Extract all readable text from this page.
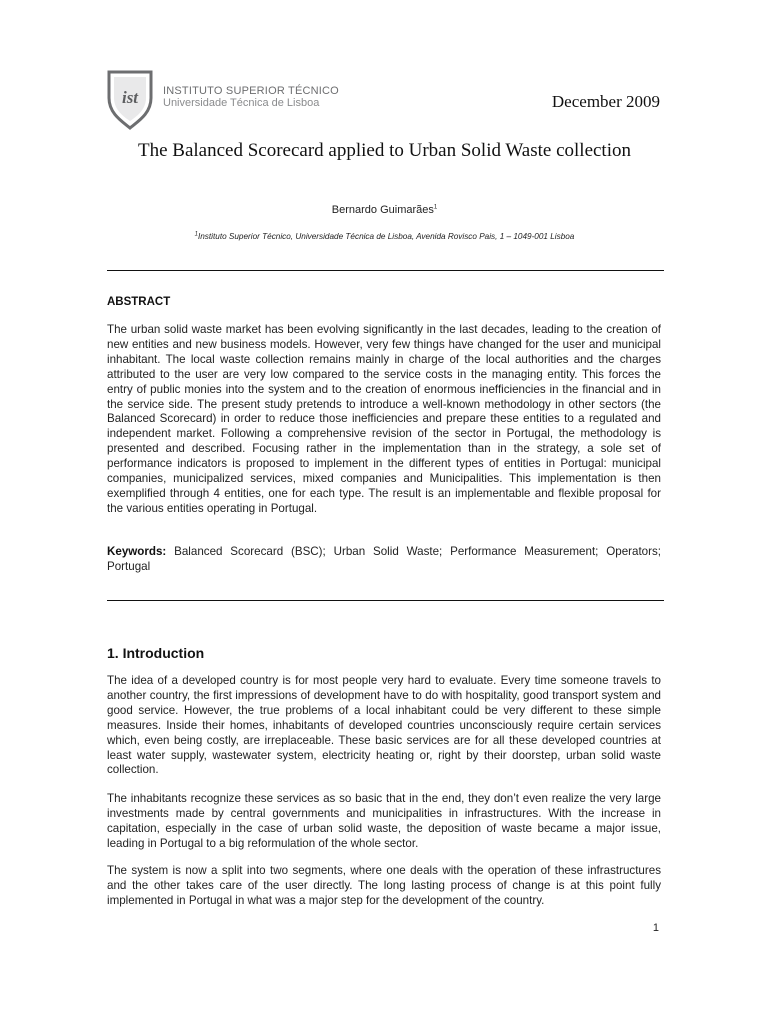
ist INSTITUTO SUPERIOR TÉCNICO
Universidade Técnica de Lisboa	December 2009
The Balanced Scorecard applied to Urban Solid Waste collection
Bernardo Guimarães$^1$
$^1$Instituto Superior Técnico, Universidade Técnica de Lisboa, Avenida Rovisco Pais, 1 – 1049-001 Lisboa
ABSTRACT
The urban solid waste market has been evolving significantly in the last decades, leading to the creation of new entities and new business models. However, very few things have changed for the user and municipal inhabitant. The local waste collection remains mainly in charge of the local authorities and the charges attributed to the user are very low compared to the service costs in the managing entity. This forces the entry of public monies into the system and to the creation of enormous inefficiencies in the financial and in the service side. The present study pretends to introduce a well-known methodology in other sectors (the Balanced Scorecard) in order to reduce those inefficiencies and prepare these entities to a regulated and independent market. Following a comprehensive revision of the sector in Portugal, the methodology is presented and described. Focusing rather in the implementation than in the strategy, a sole set of performance indicators is proposed to implement in the different types of entities in Portugal: municipal companies, municipalized services, mixed companies and Municipalities. This implementation is then exemplified through 4 entities, one for each type. The result is an implementable and flexible proposal for the various entities operating in Portugal.
Keywords: Balanced Scorecard (BSC); Urban Solid Waste; Performance Measurement; Operators; Portugal
1. Introduction
The idea of a developed country is for most people very hard to evaluate. Every time someone travels to another country, the first impressions of development have to do with hospitality, good transport system and good service. However, the true problems of a local inhabitant could be very different to these simple measures. Inside their homes, inhabitants of developed countries unconsciously require certain services which, even being costly, are irreplaceable. These basic services are for all these developed countries at least water supply, wastewater system, electricity heating or, right by their doorstep, urban solid waste collection.
The inhabitants recognize these services as so basic that in the end, they don’t even realize the very large investments made by central governments and municipalities in infrastructures. With the increase in capitation, especially in the case of urban solid waste, the deposition of waste became a major issue, leading in Portugal to a big reformulation of the whole sector.
The system is now a split into two segments, where one deals with the operation of these infrastructures and the other takes care of the user directly. The long lasting process of change is at this point fully implemented in Portugal in what was a major step for the development of the country.
1
